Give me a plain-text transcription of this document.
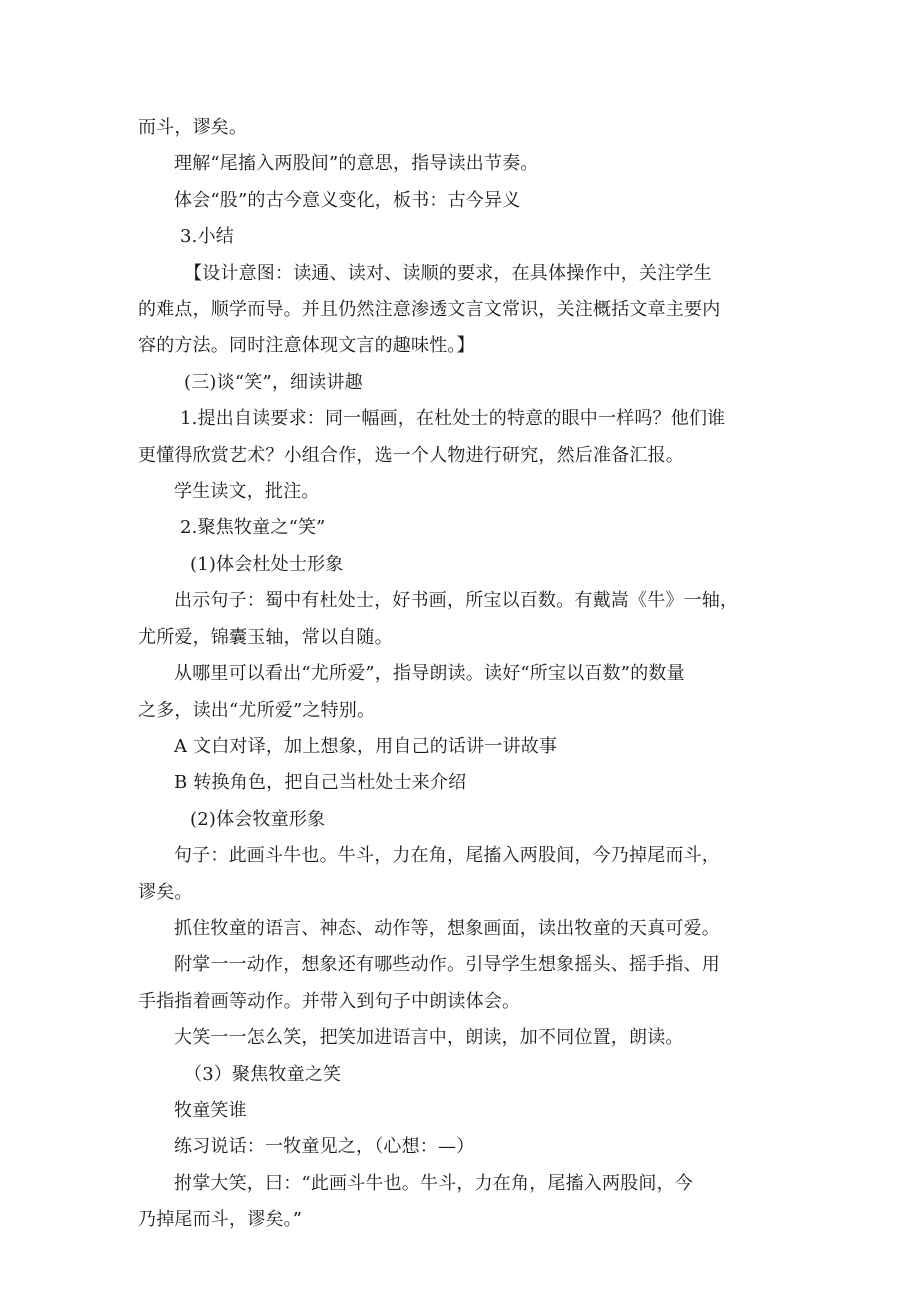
而斗，谬矣。
理解“尾搐入两股间”的意思，指导读出节奏。
体会“股”的古今意义变化，板书：古今异义
3.小结
【设计意图：读通、读对、读顺的要求，在具体操作中，关注学生
的难点，顺学而导。并且仍然注意渗透文言文常识，关注概括文章主要内
容的方法。同时注意体现文言的趣味性。】
(三)谈“笑”，细读讲趣
1.提出自读要求：同一幅画，在杜处士的特意的眼中一样吗？他们谁
更懂得欣赏艺术？小组合作，选一个人物进行研究，然后准备汇报。
学生读文，批注。
2.聚焦牧童之“笑”
(1)体会杜处士形象
出示句子：蜀中有杜处士，好书画，所宝以百数。有戴嵩《牛》一轴，
尤所爱，锦囊玉轴，常以自随。
从哪里可以看出“尤所爱”，指导朗读。读好“所宝以百数”的数量
之多，读出“尤所爱”之特别。
A 文白对译，加上想象，用自己的话讲一讲故事
B 转换角色，把自己当杜处士来介绍
(2)体会牧童形象
句子：此画斗牛也。牛斗，力在角，尾搐入两股间，今乃掉尾而斗，
谬矣。
抓住牧童的语言、神态、动作等，想象画面，读出牧童的天真可爱。
附掌一一动作，想象还有哪些动作。引导学生想象摇头、摇手指、用
手指指着画等动作。并带入到句子中朗读体会。
大笑一一怎么笑，把笑加进语言中，朗读，加不同位置，朗读。
（3）聚焦牧童之笑
牧童笑谁
练习说话：一牧童见之，（心想：—）
拊掌大笑，曰：“此画斗牛也。牛斗，力在角，尾搐入两股间，今
乃掉尾而斗，谬矣。”
